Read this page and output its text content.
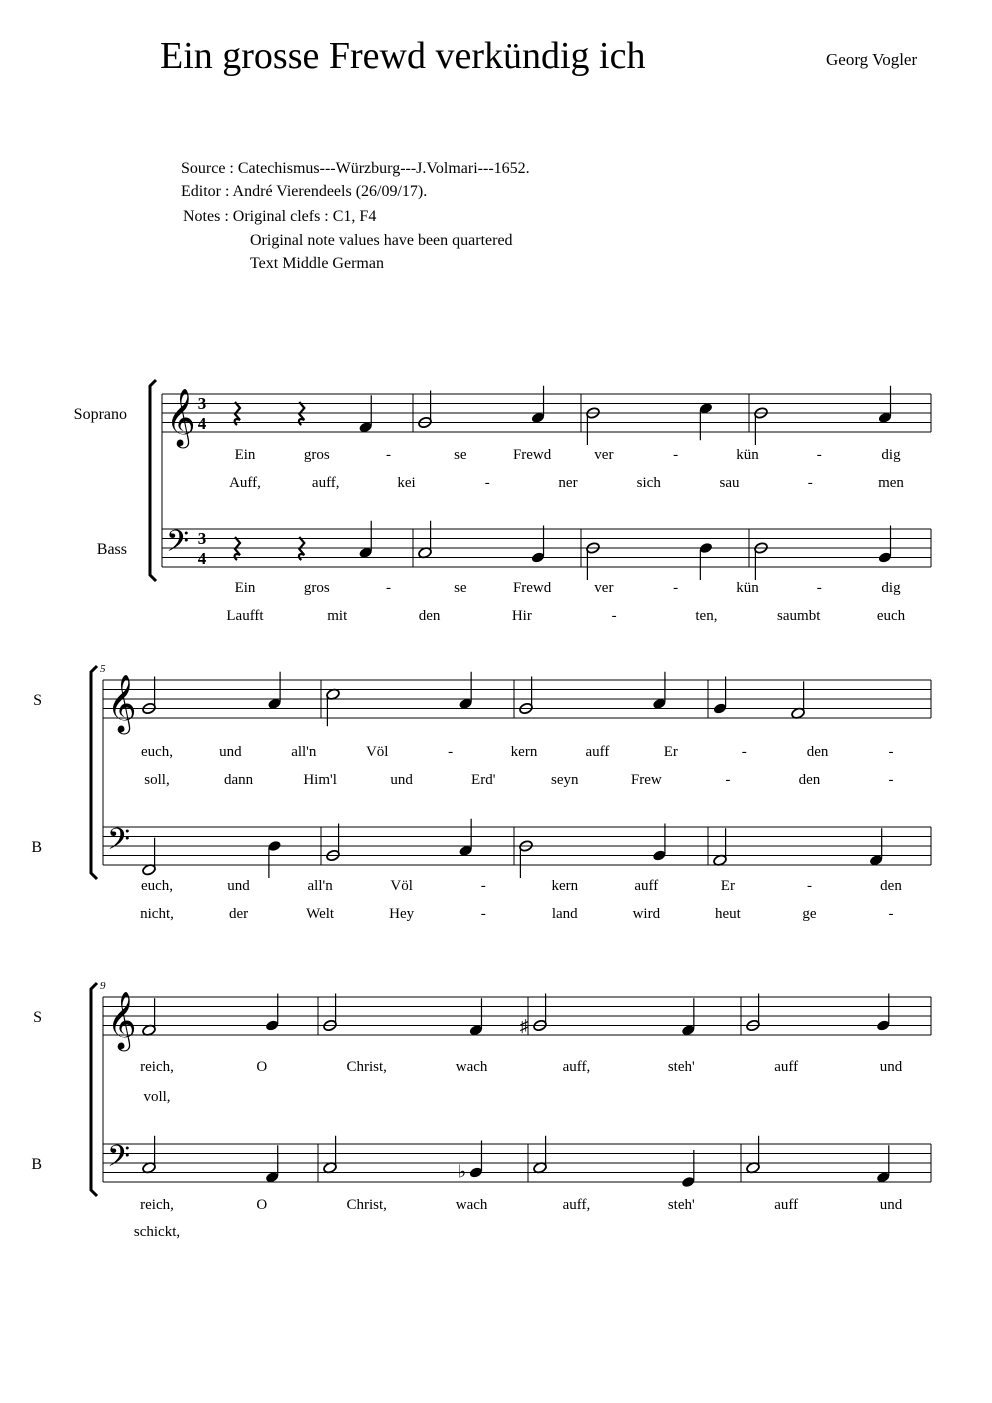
Ein grosse Frewd verkündig ich	Georg Vogler
Source : Catechismus---Würzburg---J.Volmari---1652.
Editor : André Vierendeels (26/09/17).
Notes : Original clefs : C1, F4
Original note values have been quartered
Text Middle German
Soprano 𝄞 3
4
Ein	gros	-	se	Frewd	ver	-	kün	-	dig
Auff,	auff,	kei	-	ner	sich	sau	-	men
Bass 𝄢 3
4
Ein	gros	-	se	Frewd	ver	-	kün	-	dig
Laufft	mit	den	Hir	-	ten,	saumbt	euch
5
S 𝄞
euch,	und	all'n	Völ	-	kern	auff	Er	-	den	-
soll,	dann	Him'l	und	Erd'	seyn	Frew	-	den	-
B 𝄢
euch,	und	all'n	Völ	-	kern	auff	Er	-	den
nicht,	der	Welt	Hey	-	land	wird	heut	ge	-
9
S 𝄞	♯
reich,	O	Christ,	wach	auff,	steh'	auff	und
voll,
B 𝄢	♭
reich,	O	Christ,	wach	auff,	steh'	auff	und
schickt,
